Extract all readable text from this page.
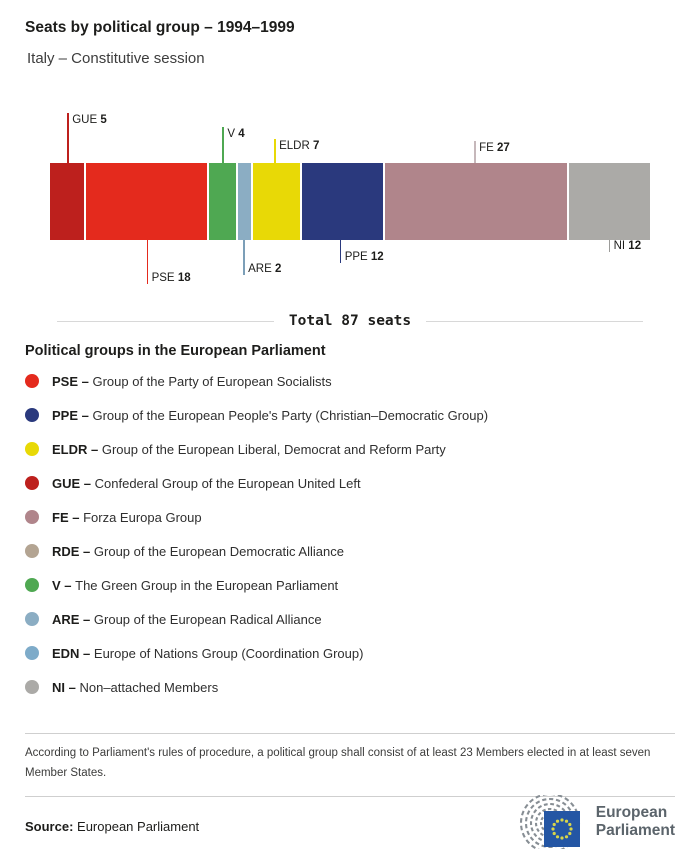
Seats by political group – 1994–1999
Italy – Constitutive session
GUE 5
PSE 18
V 4
ARE 2
ELDR 7
PPE 12
FE 27
NI 12
Total 87 seats
Political groups in the European Parliament
PSE – Group of the Party of European Socialists
PPE – Group of the European People's Party (Christian–Democratic Group)
ELDR – Group of the European Liberal, Democrat and Reform Party
GUE – Confederal Group of the European United Left
FE – Forza Europa Group
RDE – Group of the European Democratic Alliance
V – The Green Group in the European Parliament
ARE – Group of the European Radical Alliance
EDN – Europe of Nations Group (Coordination Group)
NI – Non–attached Members
According to Parliament's rules of procedure, a political group shall consist of at least 23 Members elected in at least seven Member States.
Source: European Parliament
European
Parliament
